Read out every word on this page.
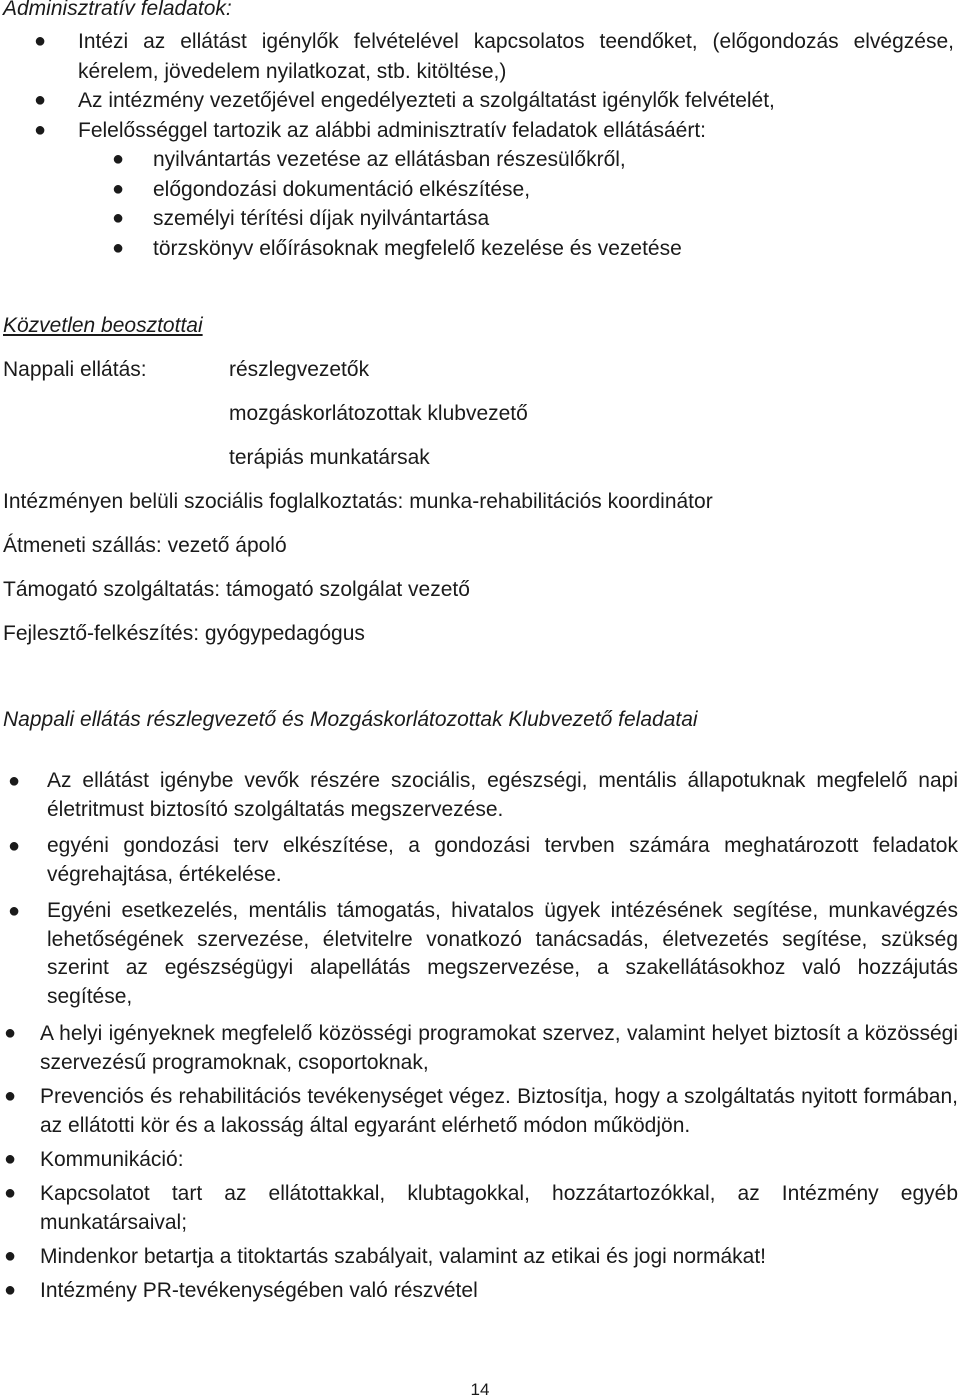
Adminisztratív feladatok:
● Intézi az ellátást igénylők felvételével kapcsolatos teendőket, (előgondozás elvégzése, kérelem, jövedelem nyilatkozat, stb. kitöltése,)
● Az intézmény vezetőjével engedélyezteti a szolgáltatást igénylők felvételét,
● Felelősséggel tartozik az alábbi adminisztratív feladatok ellátásáért:
● nyilvántartás vezetése az ellátásban részesülőkről,
● előgondozási dokumentáció elkészítése,
● személyi térítési díjak nyilvántartása
● törzskönyv előírásoknak megfelelő kezelése és vezetése
Közvetlen beosztottai
Nappali ellátás:	részlegvezetők
mozgáskorlátozottak klubvezető
terápiás munkatársak
Intézményen belüli szociális foglalkoztatás: munka-rehabilitációs koordinátor
Átmeneti szállás: vezető ápoló
Támogató szolgáltatás: támogató szolgálat vezető
Fejlesztő-felkészítés: gyógypedagógus
Nappali ellátás részlegvezető és Mozgáskorlátozottak Klubvezető feladatai
● Az ellátást igénybe vevők részére szociális, egészségi, mentális állapotuknak megfelelő napi életritmust biztosító szolgáltatás megszervezése.
● egyéni gondozási terv elkészítése, a gondozási tervben számára meghatározott feladatok végrehajtása, értékelése.
● Egyéni esetkezelés, mentális támogatás, hivatalos ügyek intézésének segítése, munkavégzés lehetőségének szervezése, életvitelre vonatkozó tanácsadás, életvezetés segítése, szükség szerint az egészségügyi alapellátás megszervezése, a szakellátásokhoz való hozzájutás segítése,
● A helyi igényeknek megfelelő közösségi programokat szervez, valamint helyet biztosít a közösségi szervezésű programoknak, csoportoknak,
● Prevenciós és rehabilitációs tevékenységet végez. Biztosítja, hogy a szolgáltatás nyitott formában, az ellátotti kör és a lakosság által egyaránt elérhető módon működjön.
● Kommunikáció:
● Kapcsolatot tart az ellátottakkal, klubtagokkal, hozzátartozókkal, az Intézmény egyéb munkatársaival;
● Mindenkor betartja a titoktartás szabályait, valamint az etikai és jogi normákat!
● Intézmény PR-tevékenységében való részvétel
14
